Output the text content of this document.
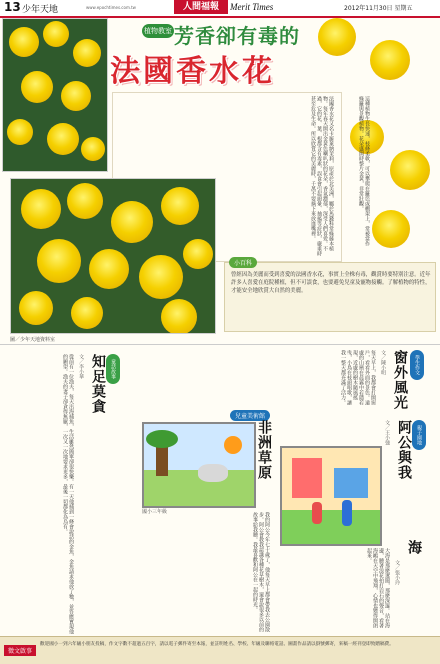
13 少年天地	www.epochtimes.com.tw	人間福報	Merit Times	2012年11月30日 星期五
植物教室 芳香卻有毒的
法國香水花
法國香水花又名卡羅萊納茉莉，原產於北美洲，屬於馬錢科常綠藤本植物。每年春天開出金黃色喇叭狀的花朵，香氣濃郁，深受人們喜愛。不過，它的花、葉、根都含有毒素，誤食會引起頭暈、抽搐等症狀，嚴重時甚至危及生命。所以欣賞它的美麗時，千萬不要摘下來放進嘴裡。	這種植物生長快速，枝條柔軟，可以攀爬在籬笆或棚架上，常被當作綠籬與景觀植物。花朵盛開時整片金黃，非常壯觀。
圖／少年天地資料室
小百科
曾經因為美麗而受到喜愛的法國香水花，事實上全株有毒，觀賞時要特別注意。近年許多人喜愛在庭院種植，但不可誤食，也要避免兒童及寵物接觸。了解植物的特性，才能安全地欣賞大自然的美麗。
童話故事
知足莫貪
文／李小華
從前有一位漁夫，每天出海捕魚，生活雖然簡單卻很快樂。有一天他捕到一條會說話的金魚，金魚請求他放了牠，並答應實現他的願望。漁夫的妻子卻貪得無厭，一次又一次地要求更多，最後一切都化為烏有。	學生作文
窗外風光
文／陳小明
每天早上，我都會打開窗戶，看看外面的景色。遠處的山巒在晨霧中若隱若現，近處的樹木隨風搖曳，小鳥在枝頭唱歌，讓我一整天都充滿了活力。
兒童美術館
非洲草原
國小三年級
親子園地
阿公與我
文／王小強
我的阿公今年七十歲了，他每天早上都會帶我去公園散步。阿公會教我認識各種花草樹木，還會說很多以前的故事給我聽。我最喜歡和阿公在一起的時光。	海
文／張小玲
大海是那麼遼闊，那麼深邃。站在海邊，聽著浪花拍打岩石的聲音，看著海鷗在天空中飛翔，心情也變得開朗起來。
徵文啟事
歡迎國小一到六年級小朋友投稿，作文字數不超過五百字，請以電子郵件寄至本報，並註明姓名、學校、年級及聯絡電話。圖畫作品請以掛號郵寄，來稿一經刊登即致贈稿費。
